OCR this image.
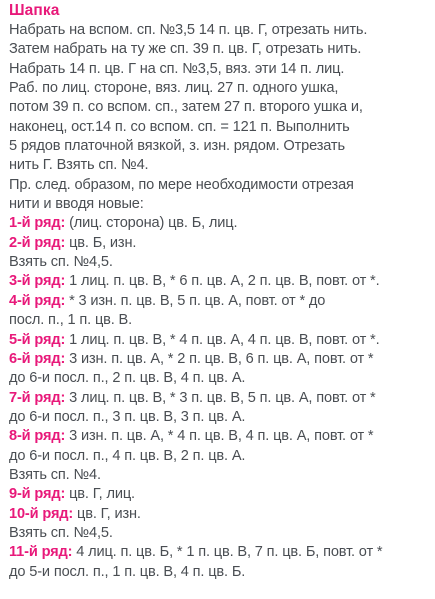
Шапка
Набрать на вспом. сп. №3,5 14 п. цв. Г, отрезать нить.
Затем набрать на ту же сп. 39 п. цв. Г, отрезать нить.
Набрать 14 п. цв. Г на сп. №3,5, вяз. эти 14 п. лиц.
Раб. по лиц. стороне, вяз. лиц. 27 п. одного ушка,
потом 39 п. со вспом. сп., затем 27 п. второго ушка и,
наконец, ост.14 п. со вспом. сп. = 121 п. Выполнить
5 рядов платочной вязкой, з. изн. рядом. Отрезать
нить Г. Взять сп. №4.
Пр. след. образом, по мере необходимости отрезая
нити и вводя новые:
1-й ряд: (лиц. сторона) цв. Б, лиц.
2-й ряд: цв. Б, изн.
Взять сп. №4,5.
3-й ряд: 1 лиц. п. цв. В, * 6 п. цв. А, 2 п. цв. В, повт. от *.
4-й ряд: * 3 изн. п. цв. В, 5 п. цв. А, повт. от * до
посл. п., 1 п. цв. В.
5-й ряд: 1 лиц. п. цв. В, * 4 п. цв. А, 4 п. цв. В, повт. от *.
6-й ряд: 3 изн. п. цв. А, * 2 п. цв. В, 6 п. цв. А, повт. от *
до 6-и посл. п., 2 п. цв. В, 4 п. цв. А.
7-й ряд: 3 лиц. п. цв. В, * 3 п. цв. В, 5 п. цв. А, повт. от *
до 6-и посл. п., 3 п. цв. В, 3 п. цв. А.
8-й ряд: 3 изн. п. цв. А, * 4 п. цв. В, 4 п. цв. А, повт. от *
до 6-и посл. п., 4 п. цв. В, 2 п. цв. А.
Взять сп. №4.
9-й ряд: цв. Г, лиц.
10-й ряд: цв. Г, изн.
Взять сп. №4,5.
11-й ряд: 4 лиц. п. цв. Б, * 1 п. цв. В, 7 п. цв. Б, повт. от *
до 5-и посл. п., 1 п. цв. В, 4 п. цв. Б.
